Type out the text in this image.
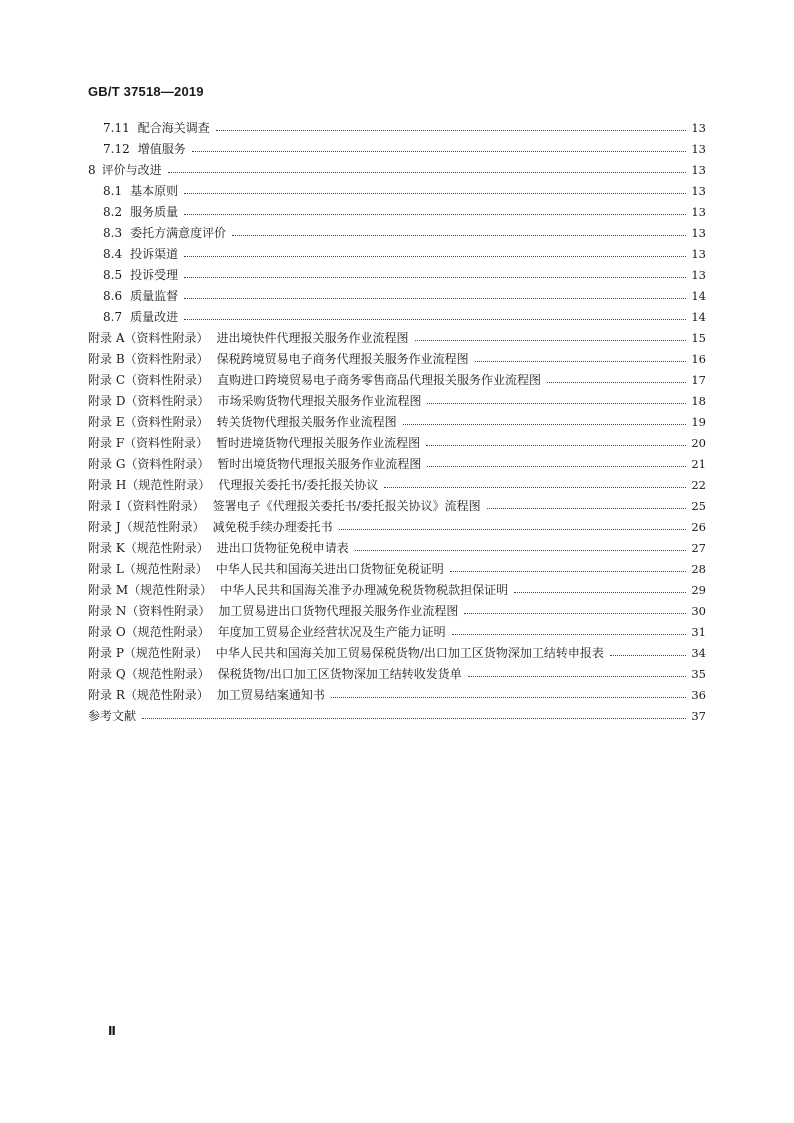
GB/T 37518—2019
7.11 配合海关调查	13
7.12 增值服务	13
8 评价与改进	13
8.1 基本原则	13
8.2 服务质量	13
8.3 委托方满意度评价	13
8.4 投诉渠道	13
8.5 投诉受理	13
8.6 质量监督	14
8.7 质量改进	14
附录 A（资料性附录） 进出境快件代理报关服务作业流程图	15
附录 B（资料性附录） 保税跨境贸易电子商务代理报关服务作业流程图	16
附录 C（资料性附录） 直购进口跨境贸易电子商务零售商品代理报关服务作业流程图	17
附录 D（资料性附录） 市场采购货物代理报关服务作业流程图	18
附录 E（资料性附录） 转关货物代理报关服务作业流程图	19
附录 F（资料性附录） 暂时进境货物代理报关服务作业流程图	20
附录 G（资料性附录） 暂时出境货物代理报关服务作业流程图	21
附录 H（规范性附录） 代理报关委托书/委托报关协议	22
附录 I（资料性附录） 签署电子《代理报关委托书/委托报关协议》流程图	25
附录 J（规范性附录） 减免税手续办理委托书	26
附录 K（规范性附录） 进出口货物征免税申请表	27
附录 L（规范性附录） 中华人民共和国海关进出口货物征免税证明	28
附录 M（规范性附录） 中华人民共和国海关准予办理减免税货物税款担保证明	29
附录 N（资料性附录） 加工贸易进出口货物代理报关服务作业流程图	30
附录 O（规范性附录） 年度加工贸易企业经营状况及生产能力证明	31
附录 P（规范性附录） 中华人民共和国海关加工贸易保税货物/出口加工区货物深加工结转申报表	34
附录 Q（规范性附录） 保税货物/出口加工区货物深加工结转收发货单	35
附录 R（规范性附录） 加工贸易结案通知书	36
参考文献	37
Ⅱ
